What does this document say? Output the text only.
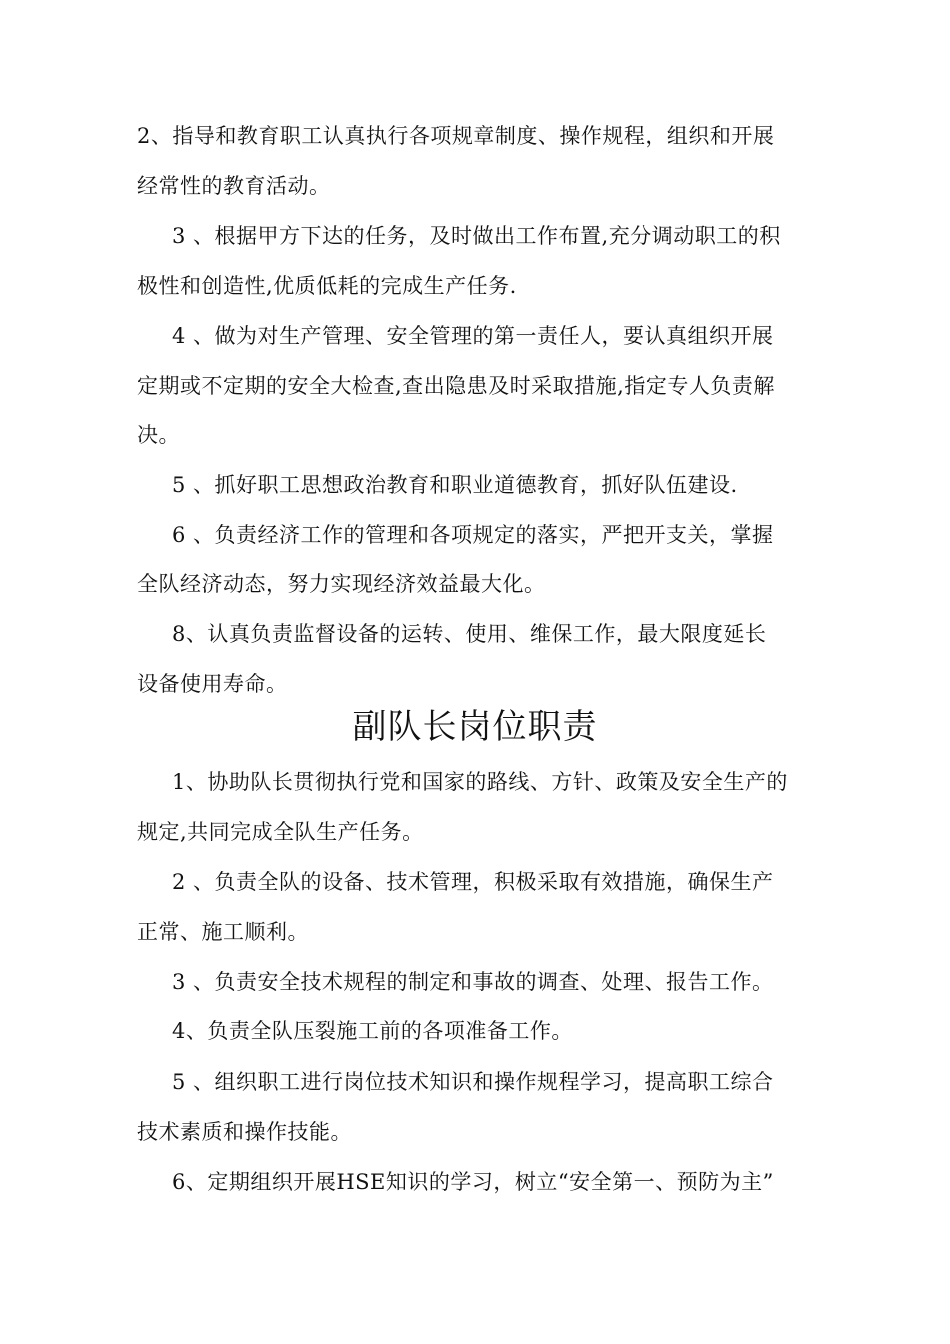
2、指导和教育职工认真执行各项规章制度、操作规程，组织和开展
经常性的教育活动。
3 、根据甲方下达的任务，及时做出工作布置,充分调动职工的积
极性和创造性,优质低耗的完成生产任务.
4 、做为对生产管理、安全管理的第一责任人，要认真组织开展
定期或不定期的安全大检查,查出隐患及时采取措施,指定专人负责解
决。
5 、抓好职工思想政治教育和职业道德教育，抓好队伍建设.
6 、负责经济工作的管理和各项规定的落实，严把开支关，掌握
全队经济动态，努力实现经济效益最大化。
8、认真负责监督设备的运转、使用、维保工作，最大限度延长
设备使用寿命。
副队长岗位职责
1、协助队长贯彻执行党和国家的路线、方针、政策及安全生产的
规定,共同完成全队生产任务。
2 、负责全队的设备、技术管理，积极采取有效措施，确保生产
正常、施工顺利。
3 、负责安全技术规程的制定和事故的调查、处理、报告工作。
4、负责全队压裂施工前的各项准备工作。
5 、组织职工进行岗位技术知识和操作规程学习，提高职工综合
技术素质和操作技能。
6、定期组织开展HSE知识的学习，树立“安全第一、预防为主”
